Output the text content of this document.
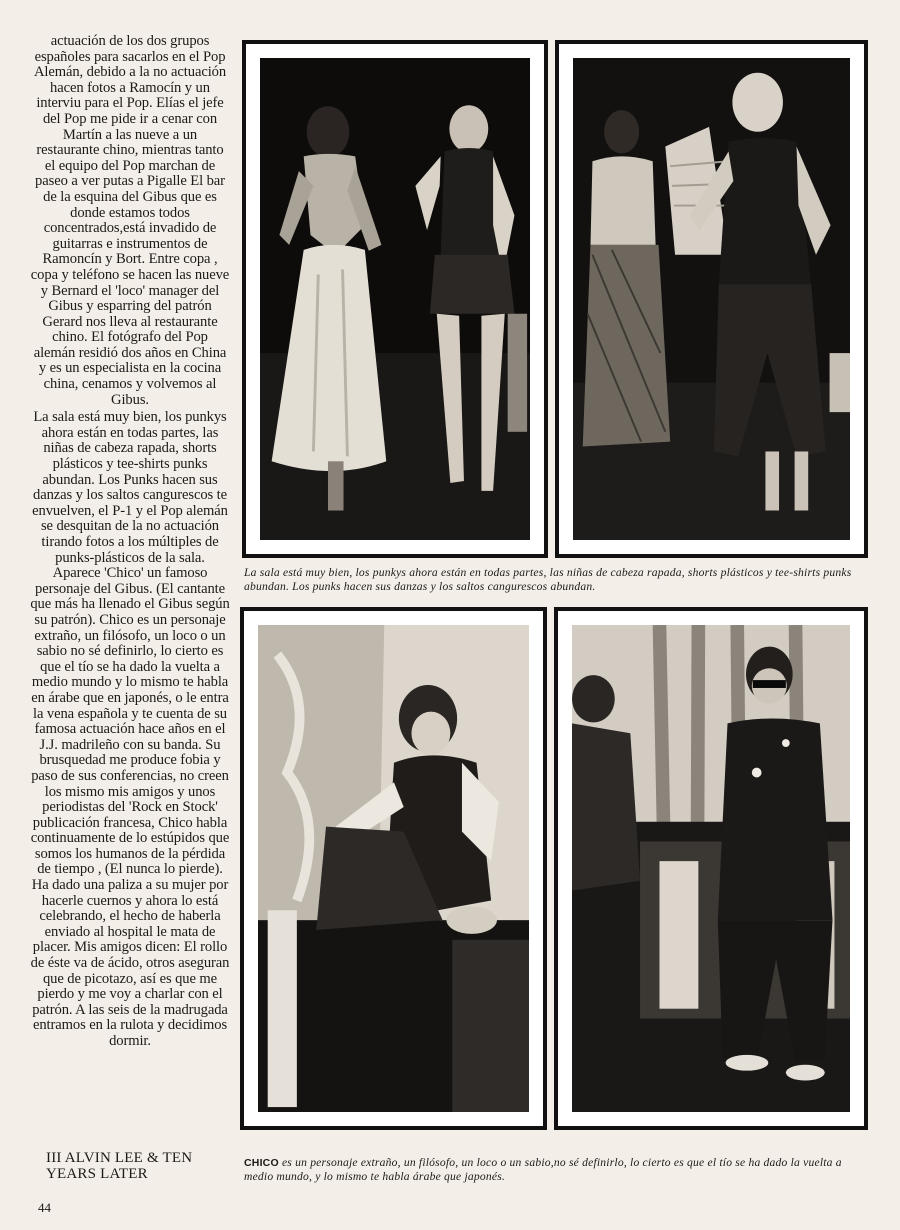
actuación de los dos grupos españoles para sacarlos en el Pop Alemán, debido a la no actuación hacen fotos a Ramocín y un interviu para el Pop. Elías el jefe del Pop me pide ir a cenar con Martín a las nueve a un restaurante chino, mientras tanto el equipo del Pop marchan de paseo a ver putas a Pigalle El bar de la esquina del Gibus que es donde estamos todos concentrados,está invadido de guitarras e instrumentos de Ramoncín y Bort. Entre copa , copa y teléfono se hacen las nueve y Bernard el 'loco' manager del Gibus y esparring del patrón Gerard nos lleva al restaurante chino. El fotógrafo del Pop alemán residió dos años en China y es un especialista en la cocina china, cenamos y volvemos al Gibus.

La sala está muy bien, los punkys ahora están en todas partes, las niñas de cabeza rapada, shorts plásticos y tee-shirts punks abundan. Los Punks hacen sus danzas y los saltos cangurescos te envuelven, el P-1 y el Pop alemán se desquitan de la no actuación tirando fotos a los múltiples de punks-plásticos de la sala. Aparece 'Chico' un famoso personaje del Gibus. (El cantante que más ha llenado el Gibus según su patrón). Chico es un personaje extraño, un filósofo, un loco o un sabio no sé definirlo, lo cierto es que el tío se ha dado la vuelta a medio mundo y lo mismo te habla en árabe que en japonés, o le entra la vena española y te cuenta de su famosa actuación hace años en el J.J. madrileño con su banda. Su brusquedad me produce fobia y paso de sus conferencias, no creen los mismo mis amigos y unos periodistas del 'Rock en Stock' publicación francesa, Chico habla continuamente de lo estúpidos que somos los humanos de la pérdida de tiempo , (El nunca lo pierde). Ha dado una paliza a su mujer por hacerle cuernos y ahora lo está celebrando, el hecho de haberla enviado al hospital le mata de placer. Mis amigos dicen: El rollo de éste va de ácido, otros aseguran que de picotazo, así es que me pierdo y me voy a charlar con el patrón. A las seis de la madrugada entramos en la rulota y decidimos dormir.

III ALVIN LEE & TEN YEARS LATER
44
La sala está muy bien, los punkys ahora están en todas partes, las niñas de cabeza rapada, shorts plásticos y tee-shirts punks abundan. Los punks hacen sus danzas y los saltos cangurescos abundan.
CHICO es un personaje extraño, un filósofo, un loco o un sabio,no sé definirlo, lo cierto es que el tío se ha dado la vuelta a medio mundo, y lo mismo te habla árabe que japonés.
